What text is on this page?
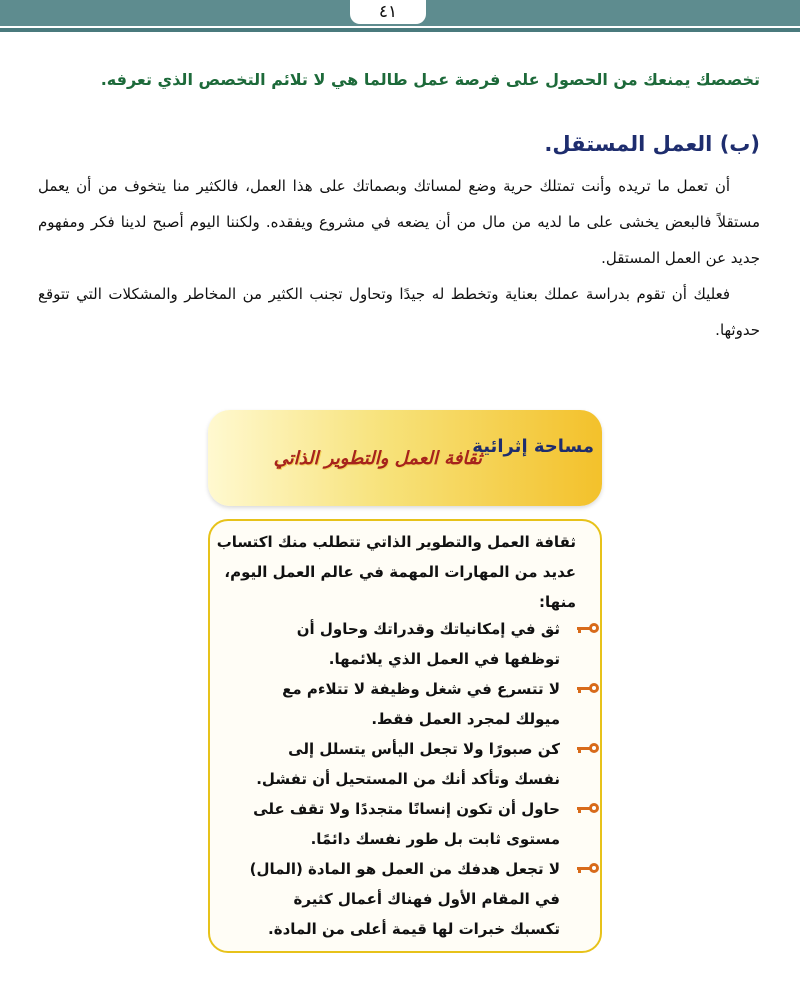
٤١
تخصصك يمنعك من الحصول على فرصة عمل طالما هي لا تلائم التخصص الذي تعرفه.
(ب) العمل المستقل.

أن تعمل ما تريده وأنت تمتلك حرية وضع لمساتك وبصماتك على هذا العمل، فالكثير منا يتخوف من أن يعمل مستقلاً فالبعض يخشى على ما لديه من مال من أن يضعه في مشروع ويفقده. ولكننا اليوم أصبح لدينا فكر ومفهوم جديد عن العمل المستقل.

فعليك أن تقوم بدراسة عملك بعناية وتخطط له جيدًا وتحاول تجنب الكثير من المخاطر والمشكلات التي تتوقع حدوثها.

مساحة إثرائية
ثقافة العمل والتطوير الذاتي
ثقافة العمل والتطوير الذاتي تتطلب منك اكتساب عديد من المهارات المهمة في عالم العمل اليوم، منها:
ثق في إمكانياتك وقدراتك وحاول أن توظفها في العمل الذي يلائمها.
لا تتسرع في شغل وظيفة لا تتلاءم مع ميولك لمجرد العمل فقط.
كن صبورًا ولا تجعل اليأس يتسلل إلى نفسك وتأكد أنك من المستحيل أن تفشل.
حاول أن تكون إنسانًا متجددًا ولا تقف على مستوى ثابت بل طور نفسك دائمًا.
لا تجعل هدفك من العمل هو المادة (المال) في المقام الأول فهناك أعمال كثيرة تكسبك خبرات لها قيمة أعلى من المادة.
